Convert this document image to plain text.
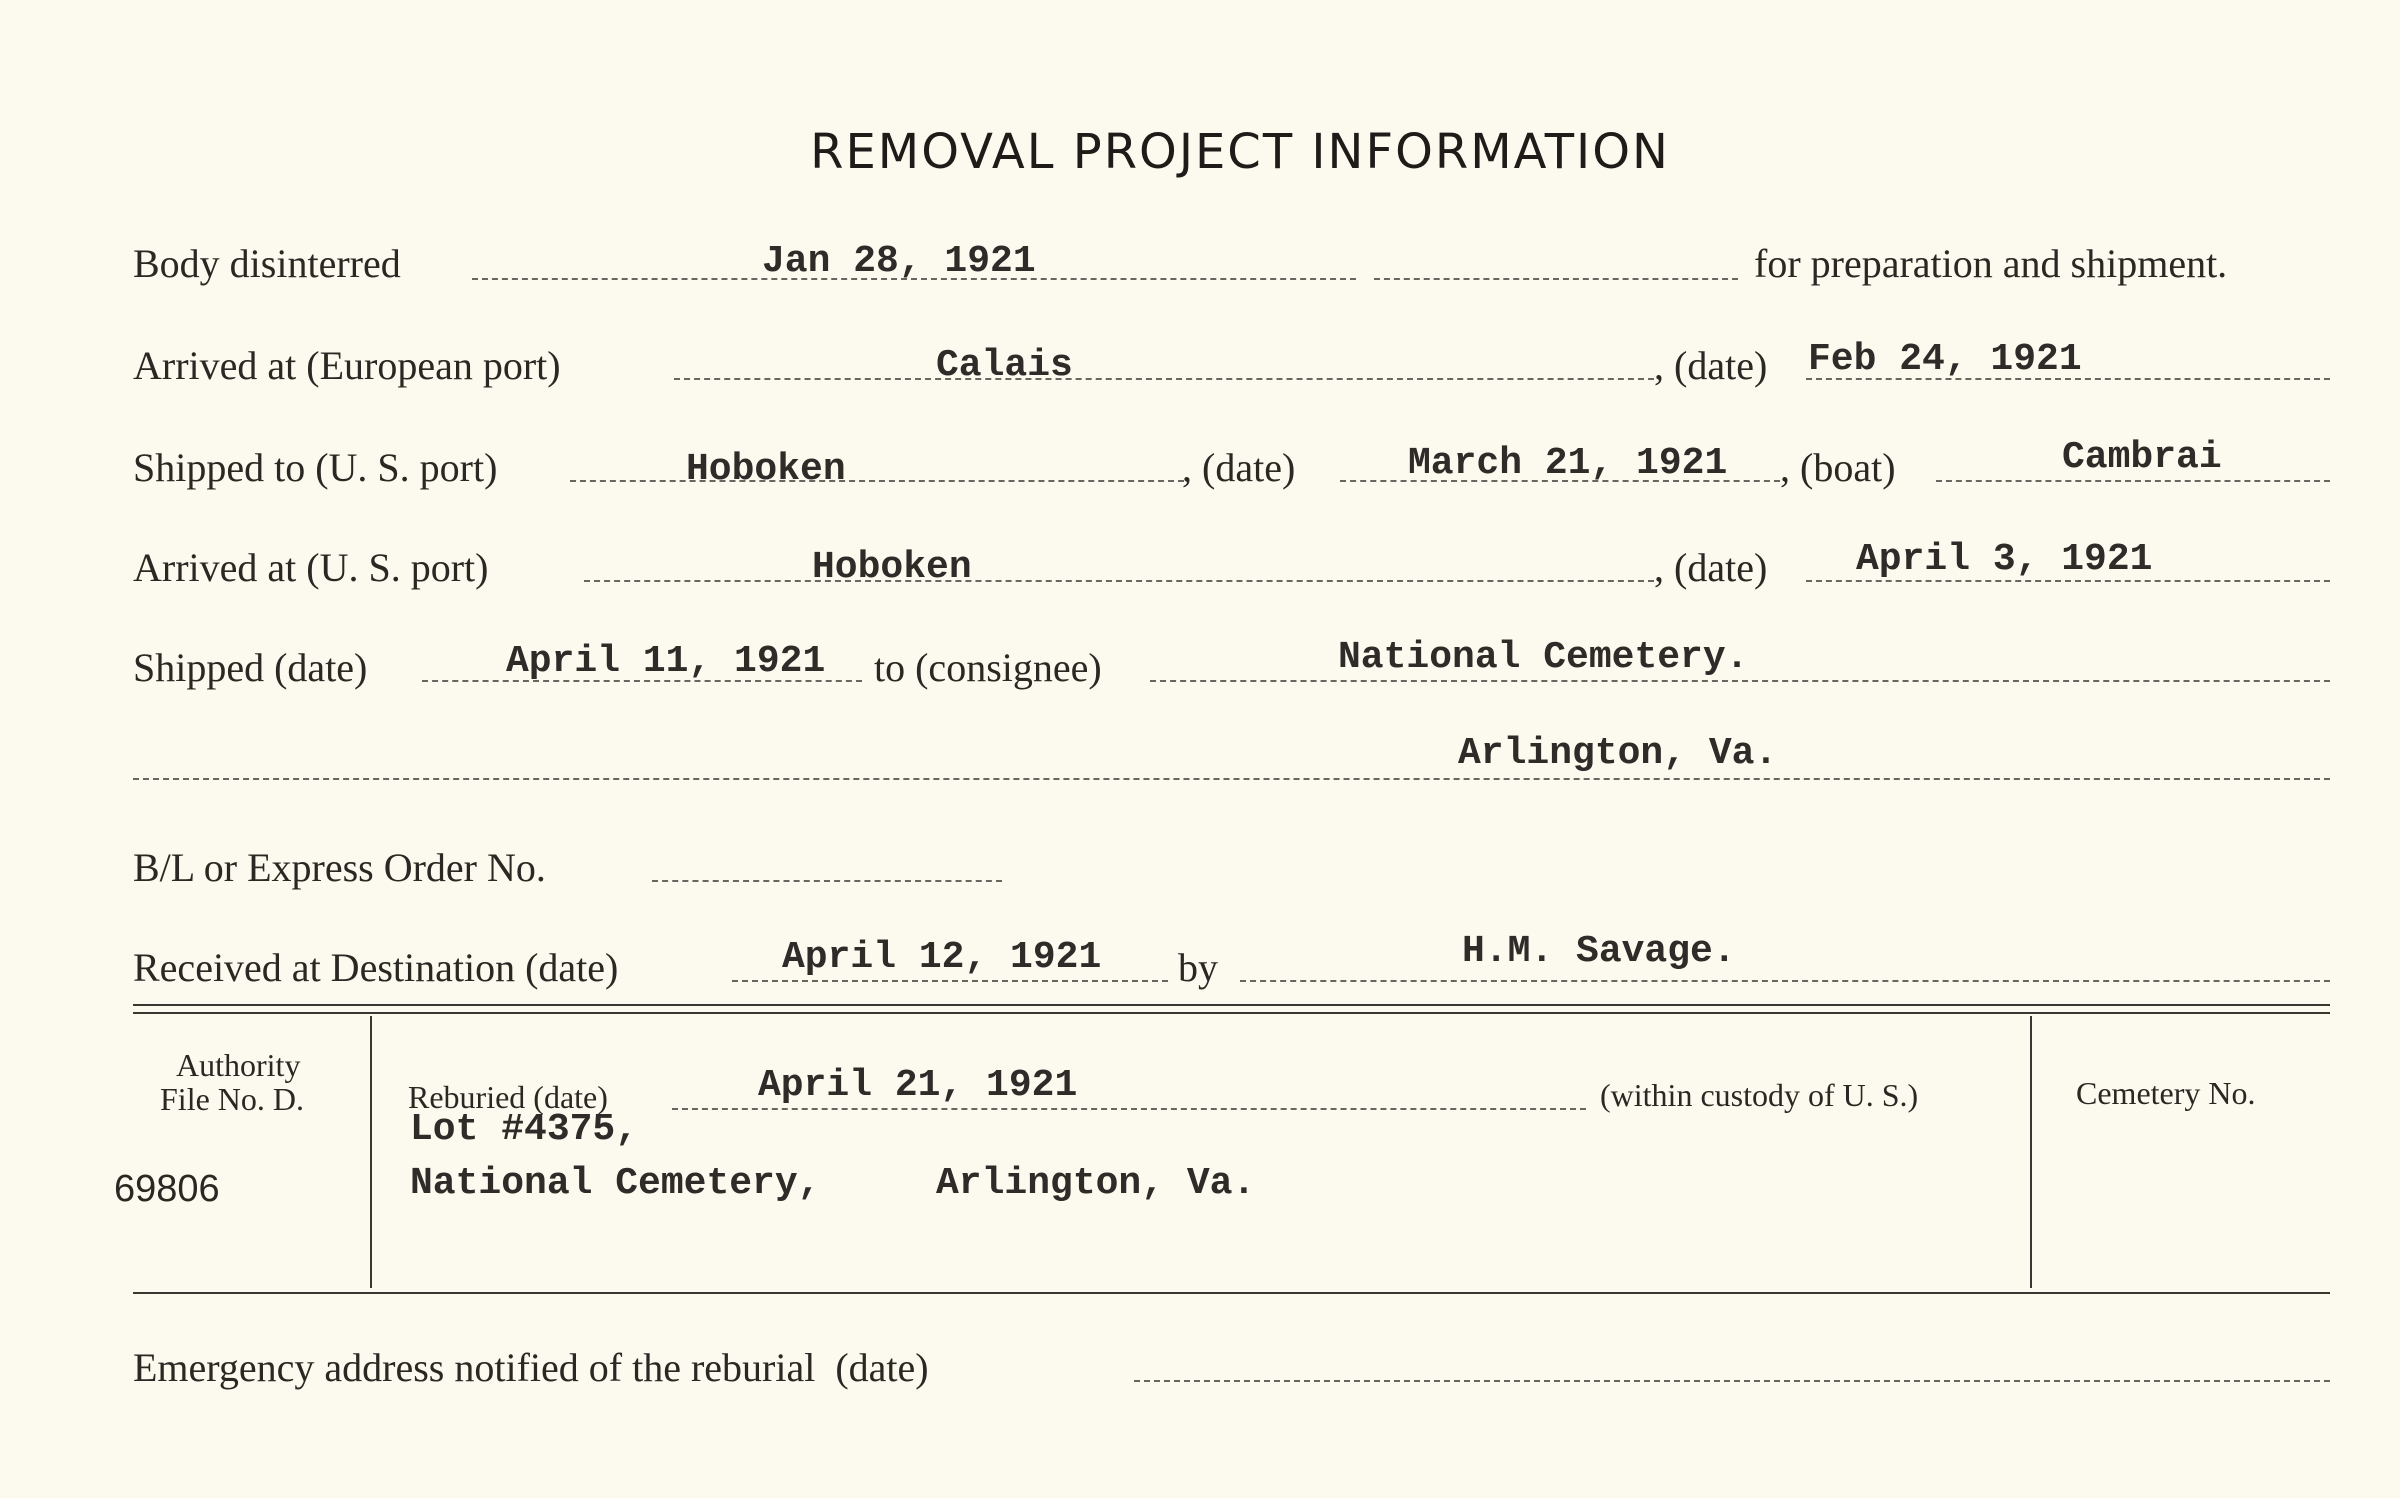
REMOVAL PROJECT INFORMATION
Body disinterred	Jan 28, 1921	for preparation and shipment.
Arrived at (European port)	Calais	, (date) Feb 24, 1921
Shipped to (U. S. port)	Hoboken	, (date)	March 21, 1921 , (boat)	Cambrai
Arrived at (U. S. port)	Hoboken	, (date) April 3, 1921
Shipped (date)	April 11, 1921 to (consignee)	National Cemetery.
Arlington, Va.
B/L or Express Order No.
Received at Destination (date)	April 12, 1921 by	H.M. Savage.
Authority
File No. D.
69806
Reburied (date)	April 21, 1921	(within custody of U. S.)
Lot #4375,
National Cemetery,	Arlington, Va.
Cemetery No.
Emergency address notified of the reburial  (date)
